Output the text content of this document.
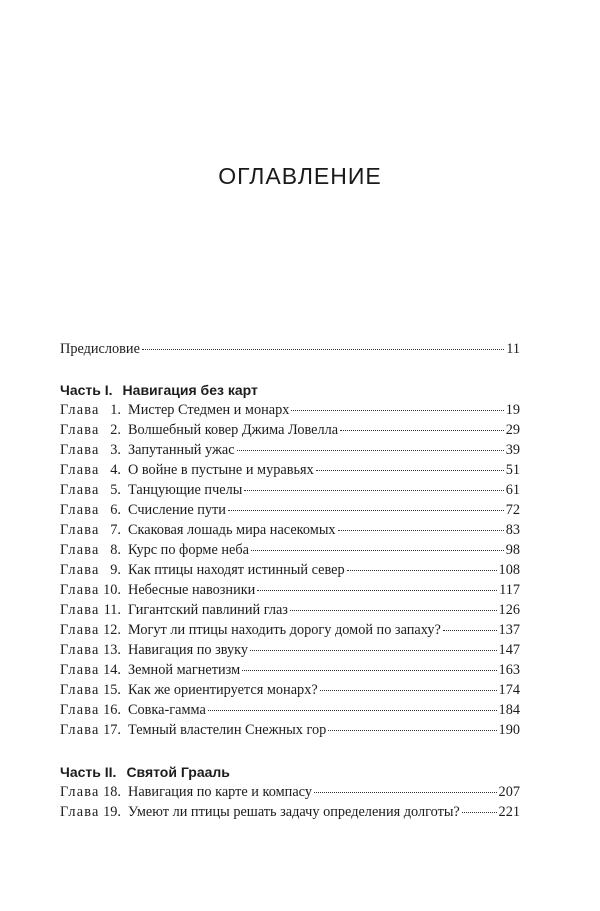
ОГЛАВЛЕНИЕ
Предисловие	11
Часть I. Навигация без карт
Глава 1. Мистер Стедмен и монарх	19
Глава 2. Волшебный ковер Джима Ловелла	29
Глава 3. Запутанный ужас	39
Глава 4. О войне в пустыне и муравьях	51
Глава 5. Танцующие пчелы	61
Глава 6. Счисление пути	72
Глава 7. Скаковая лошадь мира насекомых	83
Глава 8. Курс по форме неба	98
Глава 9. Как птицы находят истинный север	108
Глава 10. Небесные навозники	117
Глава 11. Гигантский павлиний глаз	126
Глава 12. Могут ли птицы находить дорогу домой по запаху?	137
Глава 13. Навигация по звуку	147
Глава 14. Земной магнетизм	163
Глава 15. Как же ориентируется монарх?	174
Глава 16. Совка-гамма	184
Глава 17. Темный властелин Снежных гор	190
Часть II. Святой Грааль
Глава 18. Навигация по карте и компасу	207
Глава 19. Умеют ли птицы решать задачу определения долготы?	221
